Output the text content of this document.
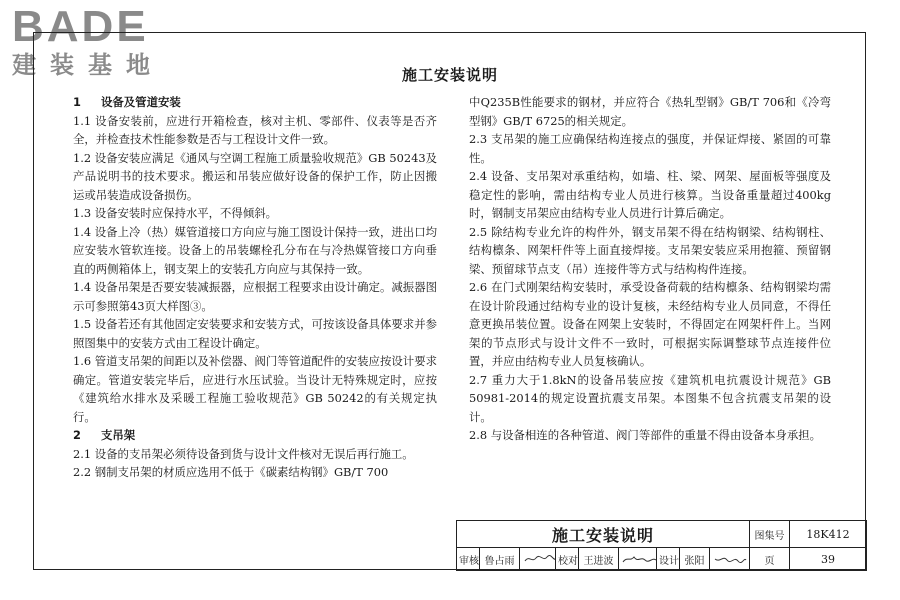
BADE
建装基地	施工安装说明

1 设备及管道安装

1.1 设备安装前，应进行开箱检查，核对主机、零部件、仪表等是否齐全，并检查技术性能参数是否与工程设计文件一致。

1.2 设备安装应满足《通风与空调工程施工质量验收规范》GB 50243及产品说明书的技术要求。搬运和吊装应做好设备的保护工作，防止因搬运或吊装造成设备损伤。

1.3 设备安装时应保持水平，不得倾斜。

1.4 设备上冷（热）媒管道接口方向应与施工图设计保持一致，进出口均应安装水管软连接。设备上的吊装螺栓孔分布在与冷热媒管接口方向垂直的两侧箱体上，钢支架上的安装孔方向应与其保持一致。

1.4 设备吊架是否要安装减振器，应根据工程要求由设计确定。减振器图示可参照第43页大样图③。

1.5 设备若还有其他固定安装要求和安装方式，可按该设备具体要求并参照图集中的安装方式由工程设计确定。

1.6 管道支吊架的间距以及补偿器、阀门等管道配件的安装应按设计要求确定。管道安装完毕后，应进行水压试验。当设计无特殊规定时，应按《建筑给水排水及采暖工程施工验收规范》GB 50242的有关规定执行。

2 支吊架

2.1 设备的支吊架必须待设备到货与设计文件核对无误后再行施工。

2.2 钢制支吊架的材质应选用不低于《碳素结构钢》GB/T 700

中Q235B性能要求的钢材，并应符合《热轧型钢》GB/T 706和《冷弯型钢》GB/T 6725的相关规定。

2.3 支吊架的施工应确保结构连接点的强度，并保证焊接、紧固的可靠性。

2.4 设备、支吊架对承重结构，如墙、柱、梁、网架、屋面板等强度及稳定性的影响，需由结构专业人员进行核算。当设备重量超过400kg时，钢制支吊架应由结构专业人员进行计算后确定。

2.5 除结构专业允许的构件外，钢支吊架不得在结构钢梁、结构钢柱、结构檩条、网架杆件等上面直接焊接。支吊架安装应采用抱箍、预留钢梁、预留球节点支（吊）连接件等方式与结构构件连接。

2.6 在门式刚架结构安装时，承受设备荷载的结构檩条、结构钢梁均需在设计阶段通过结构专业的设计复核，未经结构专业人员同意，不得任意更换吊装位置。设备在网架上安装时，不得固定在网架杆件上。当网架的节点形式与设计文件不一致时，可根据实际调整球节点连接件位置，并应由结构专业人员复核确认。

2.7 重力大于1.8kN的设备吊装应按《建筑机电抗震设计规范》GB 50981-2014的规定设置抗震支吊架。本图集不包含抗震支吊架的设计。

2.8 与设备相连的各种管道、阀门等部件的重量不得由设备本身承担。

施工安装说明									图集号	18K412
审核	鲁占雨		校对	王进波		设计	张阳		页	39
